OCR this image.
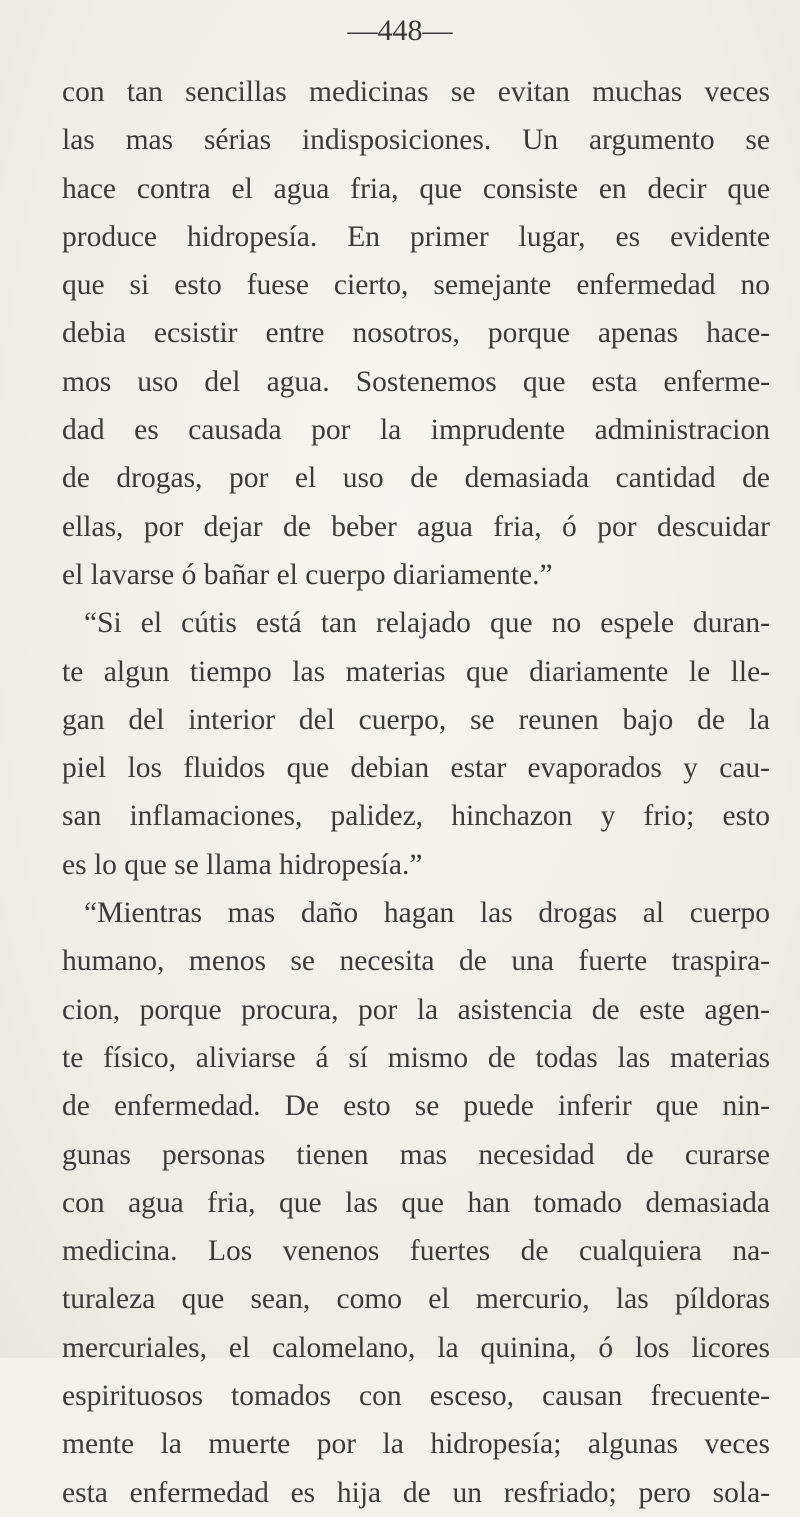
—448—
con tan sencillas medicinas se evitan muchas veces
las mas sérias indisposiciones. Un argumento se
hace contra el agua fria, que consiste en decir que
produce hidropesía. En primer lugar, es evidente
que si esto fuese cierto, semejante enfermedad no
debia ecsistir entre nosotros, porque apenas hace-
mos uso del agua. Sostenemos que esta enferme-
dad es causada por la imprudente administracion
de drogas, por el uso de demasiada cantidad de
ellas, por dejar de beber agua fria, ó por descuidar
el lavarse ó bañar el cuerpo diariamente.”
“Si el cútis está tan relajado que no espele duran-
te algun tiempo las materias que diariamente le lle-
gan del interior del cuerpo, se reunen bajo de la
piel los fluidos que debian estar evaporados y cau-
san inflamaciones, palidez, hinchazon y frio; esto
es lo que se llama hidropesía.”
“Mientras mas daño hagan las drogas al cuerpo
humano, menos se necesita de una fuerte traspira-
cion, porque procura, por la asistencia de este agen-
te físico, aliviarse á sí mismo de todas las materias
de enfermedad. De esto se puede inferir que nin-
gunas personas tienen mas necesidad de curarse
con agua fria, que las que han tomado demasiada
medicina. Los venenos fuertes de cualquiera na-
turaleza que sean, como el mercurio, las píldoras
mercuriales, el calomelano, la quinina, ó los licores
espirituosos tomados con esceso, causan frecuente-
mente la muerte por la hidropesía; algunas veces
esta enfermedad es hija de un resfriado; pero sola-
